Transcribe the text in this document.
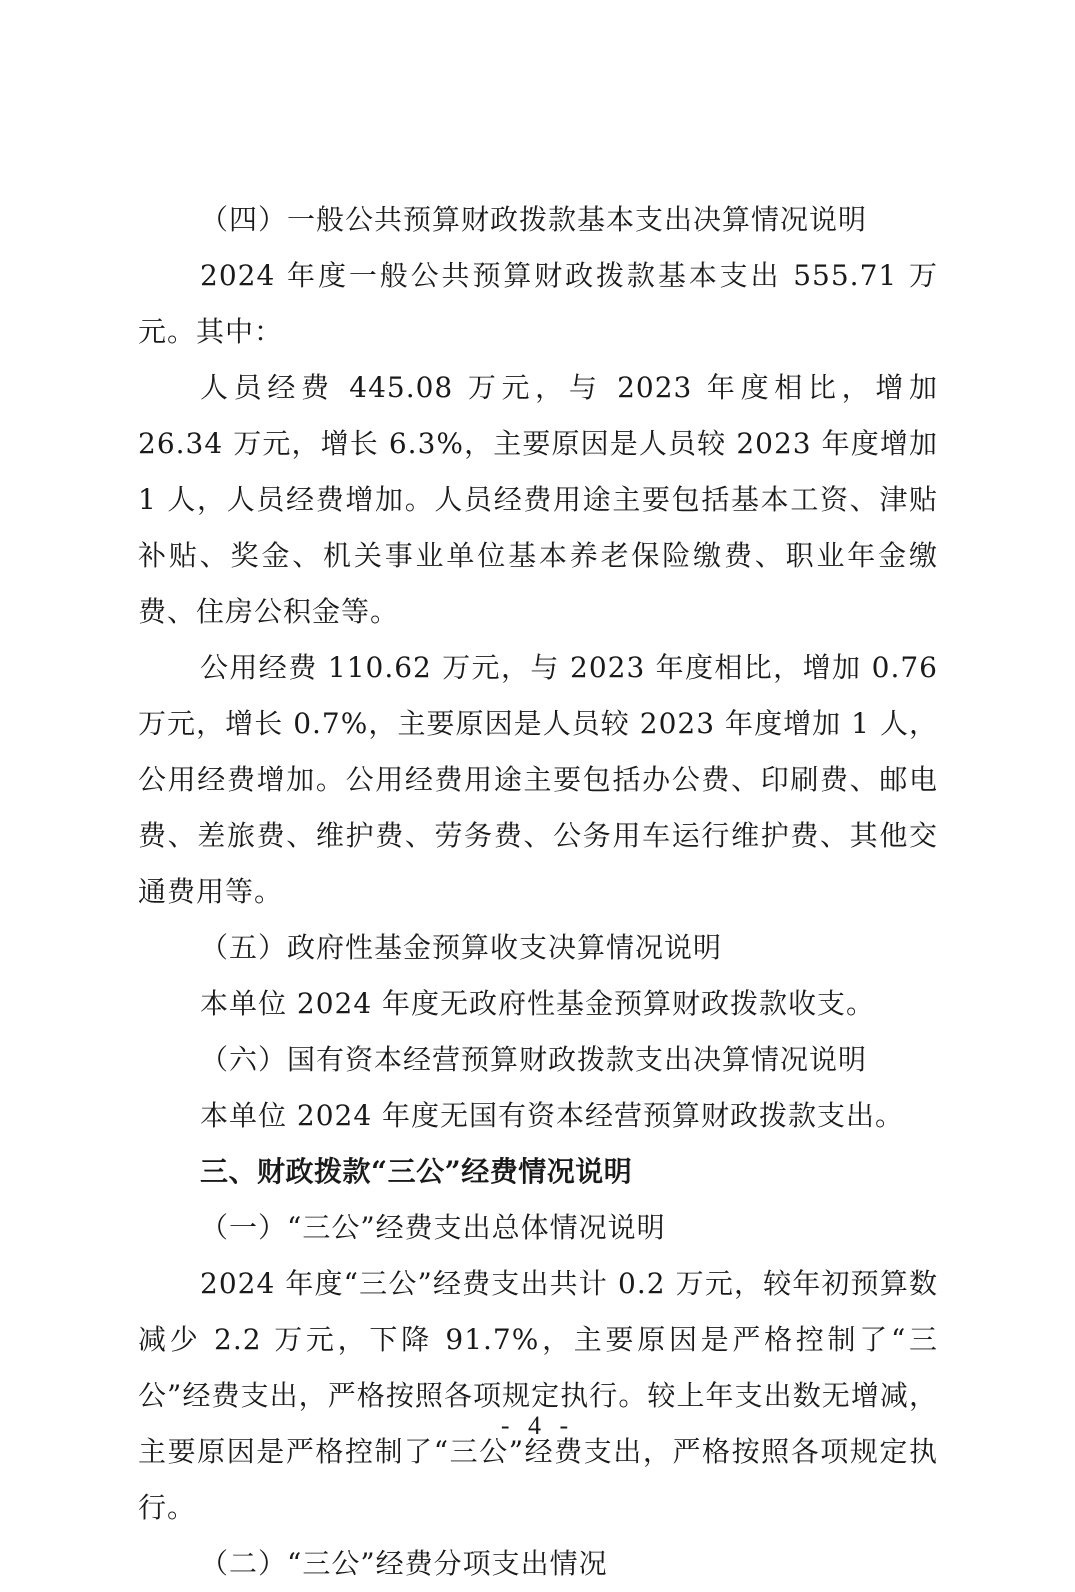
（四）一般公共预算财政拨款基本支出决算情况说明

2024 年度一般公共预算财政拨款基本支出 555.71 万元。其中：

人员经费 445.08 万元，与 2023 年度相比，增加 26.34 万元，增长 6.3%，主要原因是人员较 2023 年度增加 1 人，人员经费增加。人员经费用途主要包括基本工资、津贴补贴、奖金、机关事业单位基本养老保险缴费、职业年金缴费、住房公积金等。

公用经费 110.62 万元，与 2023 年度相比，增加 0.76 万元，增长 0.7%，主要原因是人员较 2023 年度增加 1 人，公用经费增加。公用经费用途主要包括办公费、印刷费、邮电费、差旅费、维护费、劳务费、公务用车运行维护费、其他交通费用等。

（五）政府性基金预算收支决算情况说明

本单位 2024 年度无政府性基金预算财政拨款收支。

（六）国有资本经营预算财政拨款支出决算情况说明

本单位 2024 年度无国有资本经营预算财政拨款支出。

三、财政拨款“三公”经费情况说明
（一）“三公”经费支出总体情况说明

2024 年度“三公”经费支出共计 0.2 万元，较年初预算数减少 2.2 万元，下降 91.7%，主要原因是严格控制了“三公”经费支出，严格按照各项规定执行。较上年支出数无增减，主要原因是严格控制了“三公”经费支出，严格按照各项规定执行。

（二）“三公”经费分项支出情况
- 4 -
